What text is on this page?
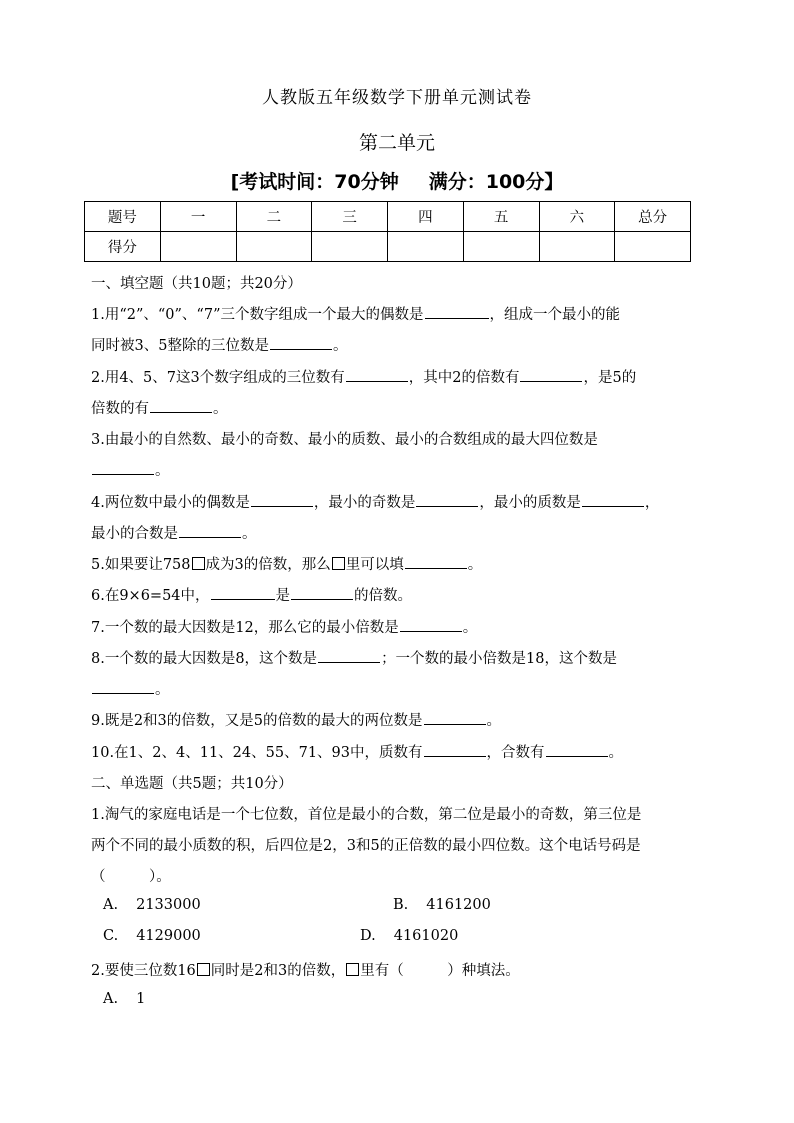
人教版五年级数学下册单元测试卷
第二单元
[考试时间：70分钟 满分：100分】
题号	一	二	三	四	五	六	总分
得分							
一、填空题（共10题；共20分）
1.用“2”、“0”、“7”三个数字组成一个最大的偶数是	，组成一个最小的能
同时被3、5整除的三位数是	。
2.用4、5、7这3个数字组成的三位数有	，其中2的倍数有	，是5的
倍数的有	。
3.由最小的自然数、最小的奇数、最小的质数、最小的合数组成的最大四位数是
。
4.两位数中最小的偶数是	，最小的奇数是	，最小的质数是	，
最小的合数是	。
5.如果要让758 成为3的倍数，那么 里可以填	。
6.在9×6=54中，	是	的倍数。
7.一个数的最大因数是12，那么它的最小倍数是	。
8.一个数的最大因数是8，这个数是	；一个数的最小倍数是18，这个数是
。
9.既是2和3的倍数，又是5的倍数的最大的两位数是	。
10.在1、2、4、11、24、55、71、93中，质数有	，合数有	。
二、单选题（共5题；共10分）
1.淘气的家庭电话是一个七位数，首位是最小的合数，第二位是最小的奇数，第三位是
两个不同的最小质数的积，后四位是2，3和5的正倍数的最小四位数。这个电话号码是
（　　　）。
A. 2133000	B. 4161200
C. 4129000	D. 4161020
2.要使三位数16 同时是2和3的倍数， 里有（　　　）种填法。
A. 1
